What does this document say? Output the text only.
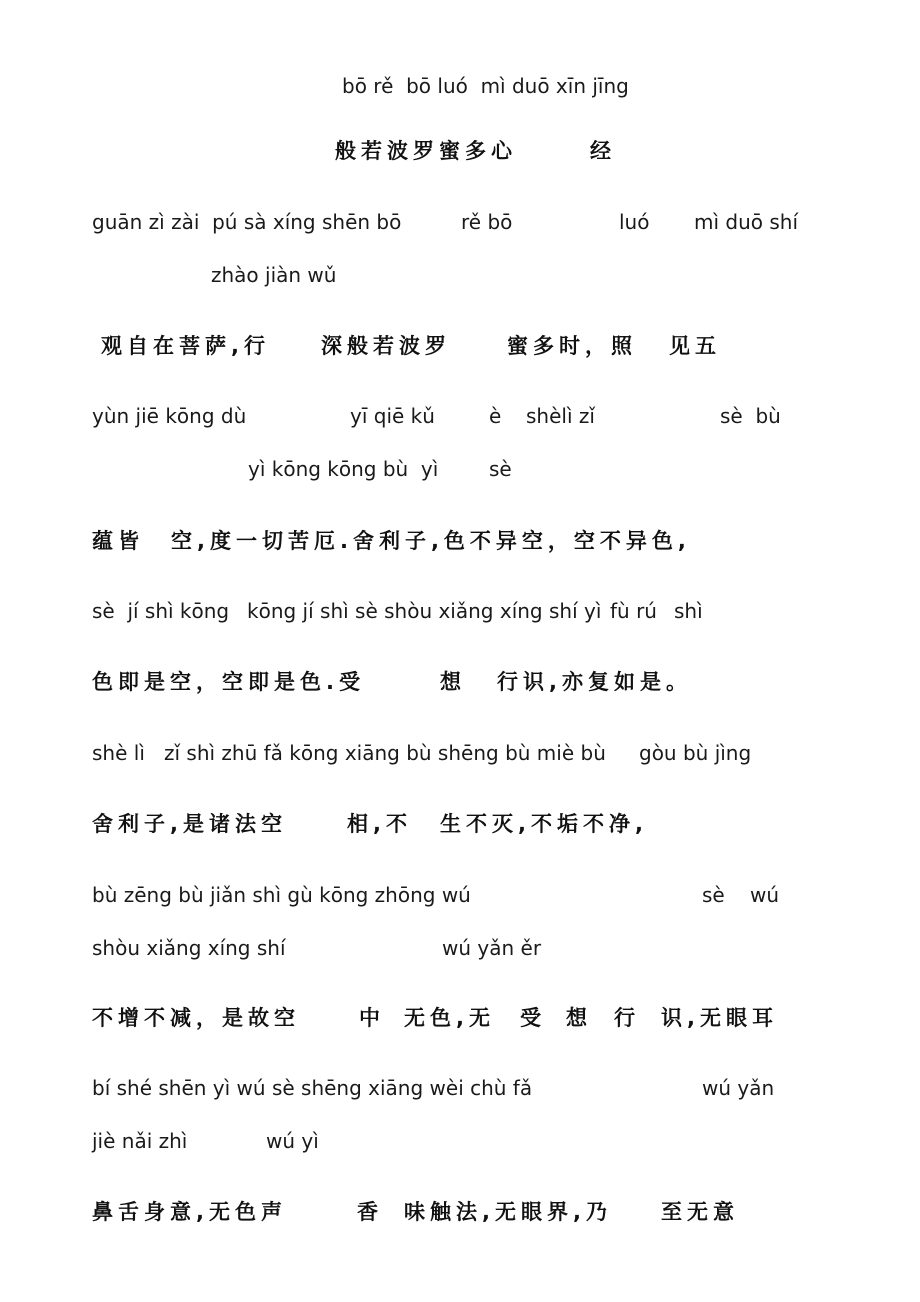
bō rě  bō luó  mì duō xīn jīng
般若波罗蜜多心	经
guān zì zài  pú sà xíng shēn bō	rě bō	luó mì duō shí
zhào jiàn wǔ
观自在菩萨,行 深般若波罗	蜜多时，照 见五
yùn jiē kōng dù	yī qiē kǔ	è shèlì zǐ	sè  bù
yì kōng kōng bù  yì	sè
蕴皆 空,度一切苦厄.舍利子,色不异空，空不异色,
sè  jí shì kōng kōng jí shì sè shòu xiǎng xíng shí yì fù rú shì
色即是空，空即是色.受	想 行识,亦复如是。
shè lì zǐ shì zhū fǎ kōng xiāng bù shēng bù miè bù gòu bù jìng
舍利子,是诸法空	相,不 生不灭,不垢不净,
bù zēng bù jiǎn shì gù kōng zhōng wú	sè wú
shòu xiǎng xíng shí	wú yǎn ěr
不增不减，是故空	中 无色,无 受 想 行 识,无眼耳
bí shé shēn yì wú sè shēng xiāng wèi chù fǎ	wú yǎn
jiè nǎi zhì	wú yì
鼻舌身意,无色声	香 味触法,无眼界,乃 至无意
